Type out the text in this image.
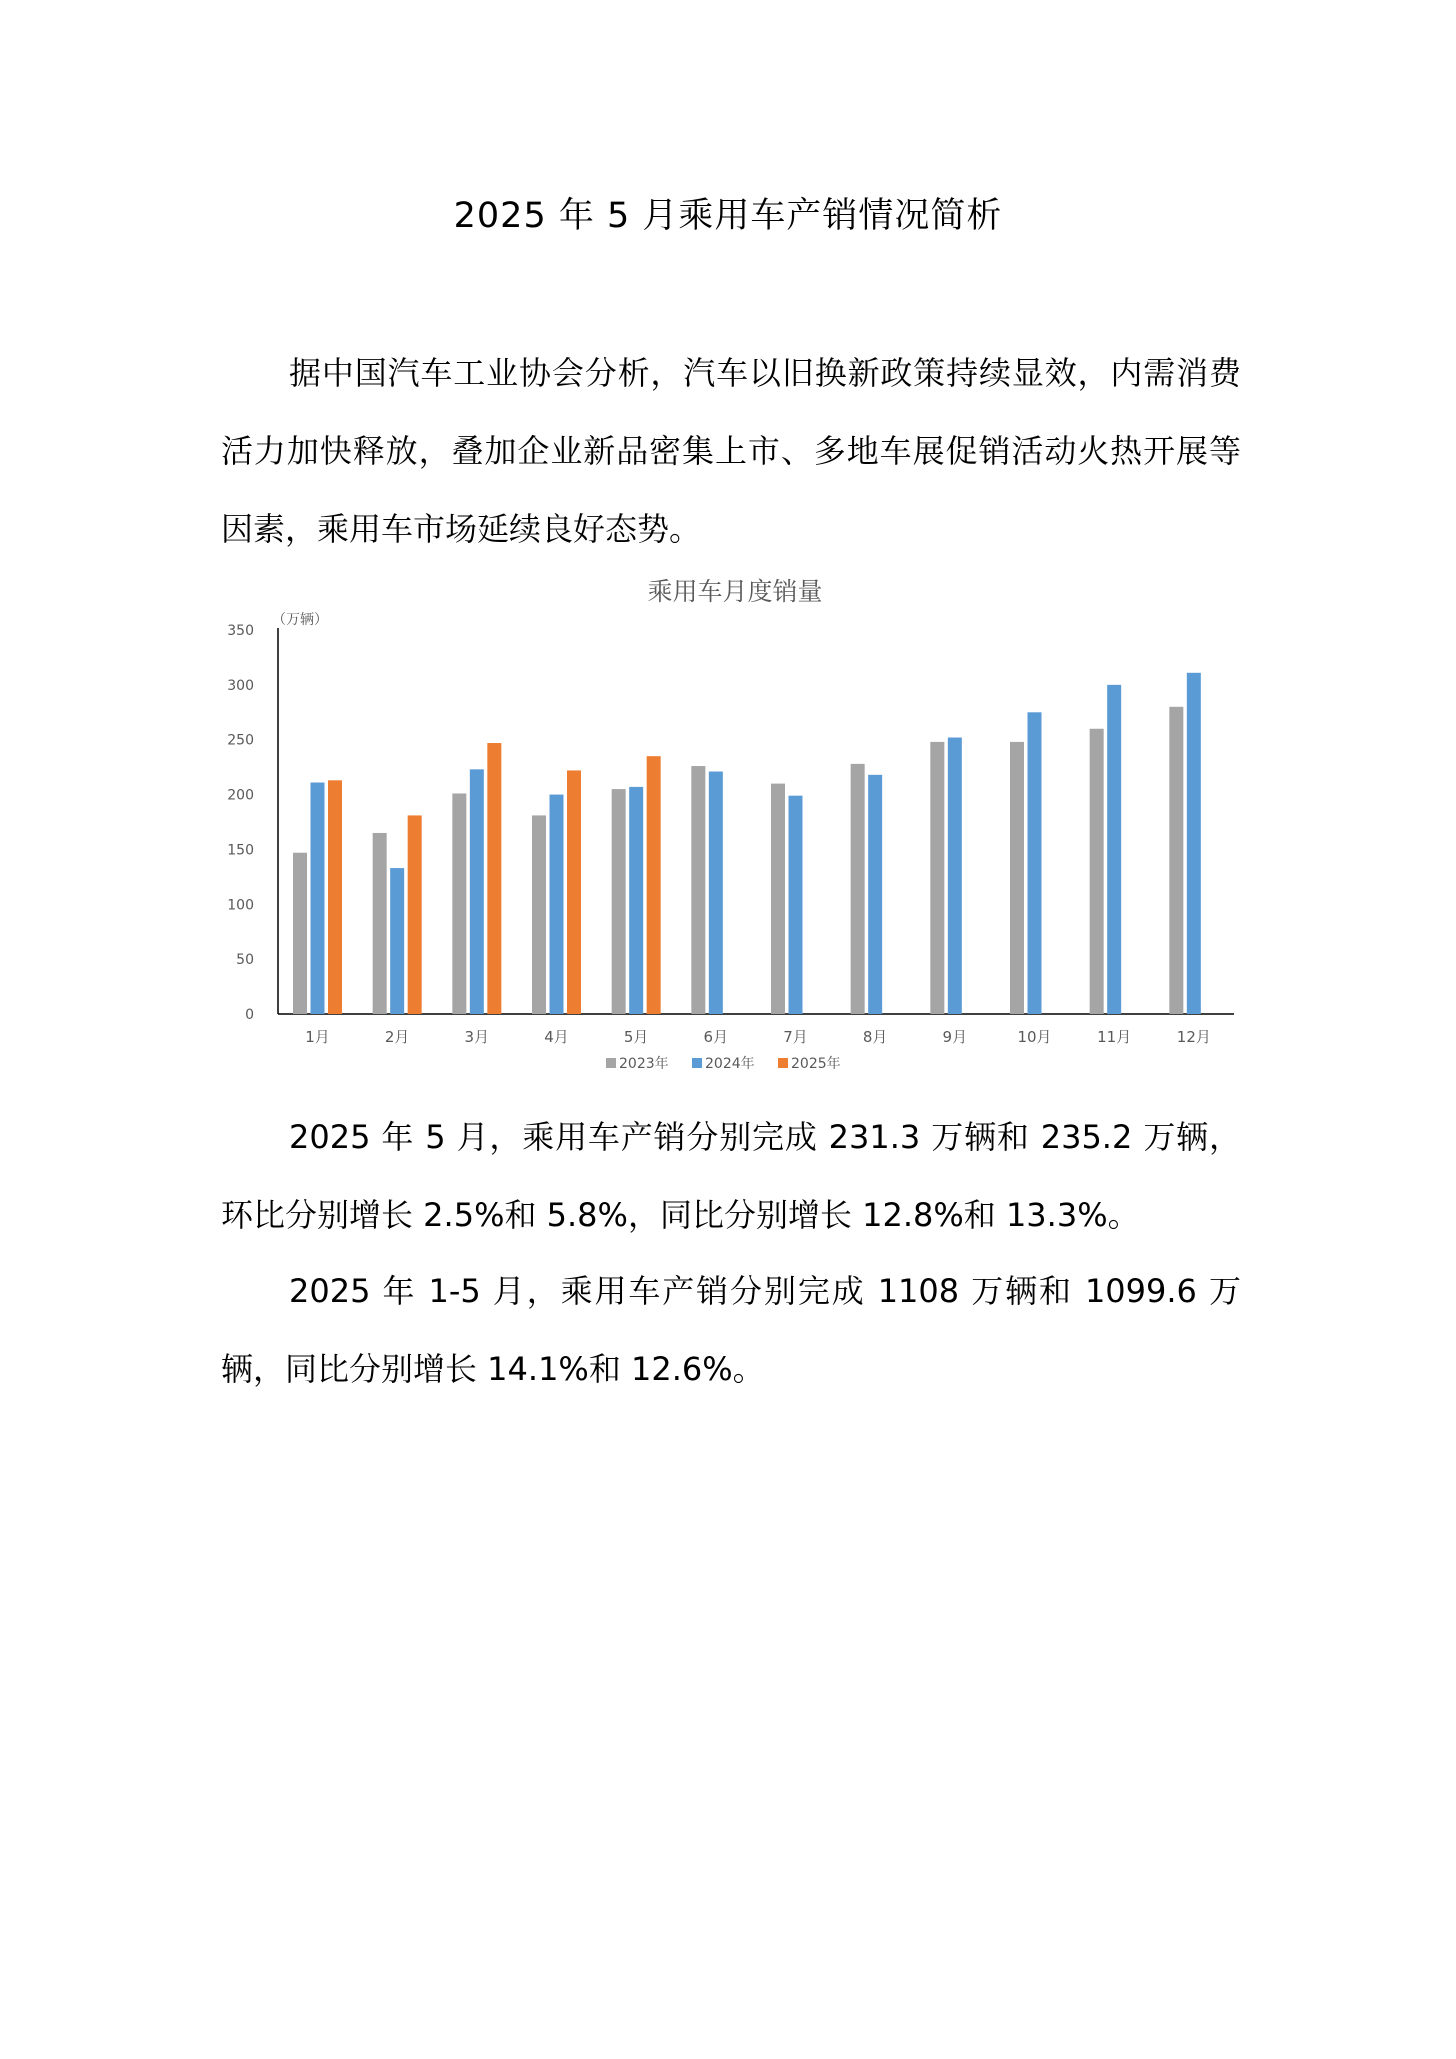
2025 年 5 月乘用车产销情况简析

据中国汽车工业协会分析，汽车以旧换新政策持续显效，内需消费活力加快释放，叠加企业新品密集上市、多地车展促销活动火热开展等因素，乘用车市场延续良好态势。

乘用车月度销量
（万辆）
0
50
100
150
200
250
300
350
1月	2月	3月	4月	5月	6月	7月	8月	9月	10月	11月	12月
2023年	2024年	2025年

2025 年 5 月，乘用车产销分别完成 231.3 万辆和 235.2 万辆，环比分别增长 2.5%和 5.8%，同比分别增长 12.8%和 13.3%。

2025 年 1-5 月，乘用车产销分别完成 1108 万辆和 1099.6 万辆，同比分别增长 14.1%和 12.6%。
